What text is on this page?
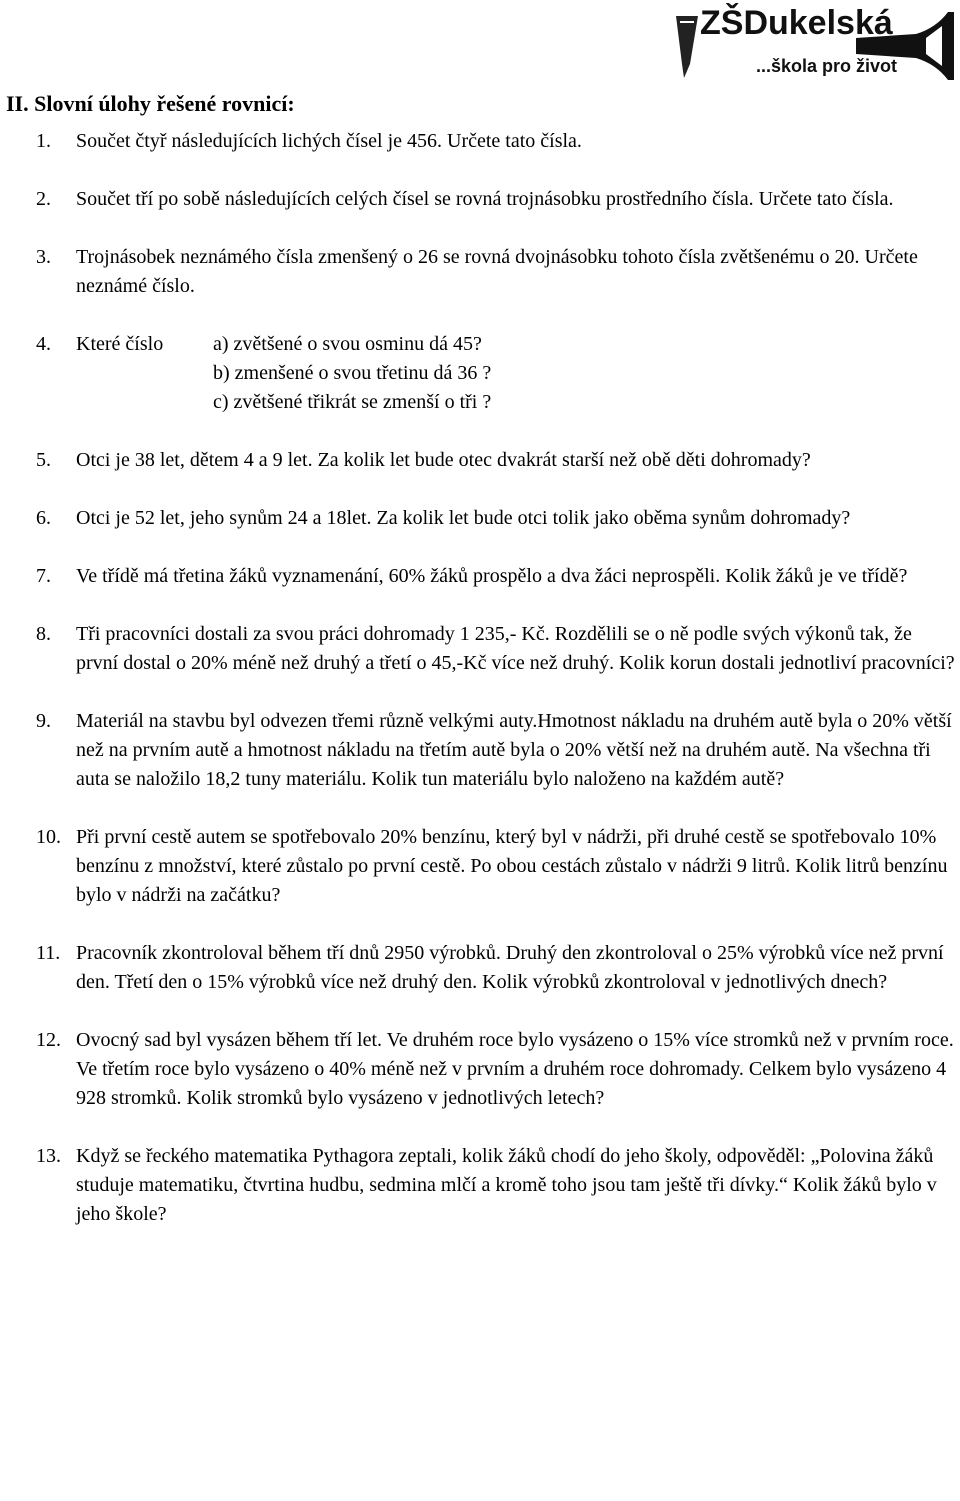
ZŠDukelská
...škola pro život
II. Slovní úlohy řešené rovnicí:
1. Součet čtyř následujících lichých čísel je 456. Určete tato čísla.
2. Součet tří po sobě následujících celých čísel se rovná trojnásobku prostředního čísla. Určete tato čísla.
3. Trojnásobek neznámého čísla zmenšený o 26 se rovná dvojnásobku tohoto čísla zvětšenému o 20. Určete neznámé číslo.
4. Které číslo	a) zvětšené o svou osminu dá 45?
b) zmenšené o svou třetinu dá 36 ?
c) zvětšené třikrát se zmenší o tři ?
5. Otci je 38 let, dětem 4 a 9 let. Za kolik let bude otec dvakrát starší než obě děti dohromady?
6. Otci je 52 let, jeho synům 24 a 18let. Za kolik let bude otci tolik jako oběma synům dohromady?
7. Ve třídě má třetina žáků vyznamenání, 60% žáků prospělo a dva žáci neprospěli. Kolik žáků je ve třídě?
8. Tři pracovníci dostali za svou práci dohromady 1 235,- Kč. Rozdělili se o ně podle svých výkonů tak, že první dostal o 20% méně než druhý a třetí o 45,-Kč více než druhý. Kolik korun dostali jednotliví pracovníci?
9. Materiál na stavbu byl odvezen třemi různě velkými auty.Hmotnost nákladu na druhém autě byla o 20% větší než na prvním autě a hmotnost nákladu na třetím autě byla o 20% větší než na druhém autě. Na všechna tři auta se naložilo 18,2 tuny materiálu. Kolik tun materiálu bylo naloženo na každém autě?
10. Při první cestě autem se spotřebovalo 20% benzínu, který byl v nádrži, při druhé cestě se spotřebovalo 10% benzínu z množství, které zůstalo po první cestě. Po obou cestách zůstalo v nádrži 9 litrů. Kolik litrů benzínu bylo v nádrži na začátku?
11. Pracovník zkontroloval během tří dnů 2950 výrobků. Druhý den zkontroloval o 25% výrobků více než první den. Třetí den o 15% výrobků více než druhý den. Kolik výrobků zkontroloval v jednotlivých dnech?
12. Ovocný sad byl vysázen během tří let. Ve druhém roce bylo vysázeno o 15% více stromků než v prvním roce. Ve třetím roce bylo vysázeno o 40% méně než v prvním a druhém roce dohromady. Celkem bylo vysázeno 4 928 stromků. Kolik stromků bylo vysázeno v jednotlivých letech?
13. Když se řeckého matematika Pythagora zeptali, kolik žáků chodí do jeho školy, odpověděl: „Polovina žáků studuje matematiku, čtvrtina hudbu, sedmina mlčí a kromě toho jsou tam ještě tři dívky.“ Kolik žáků bylo v jeho škole?
